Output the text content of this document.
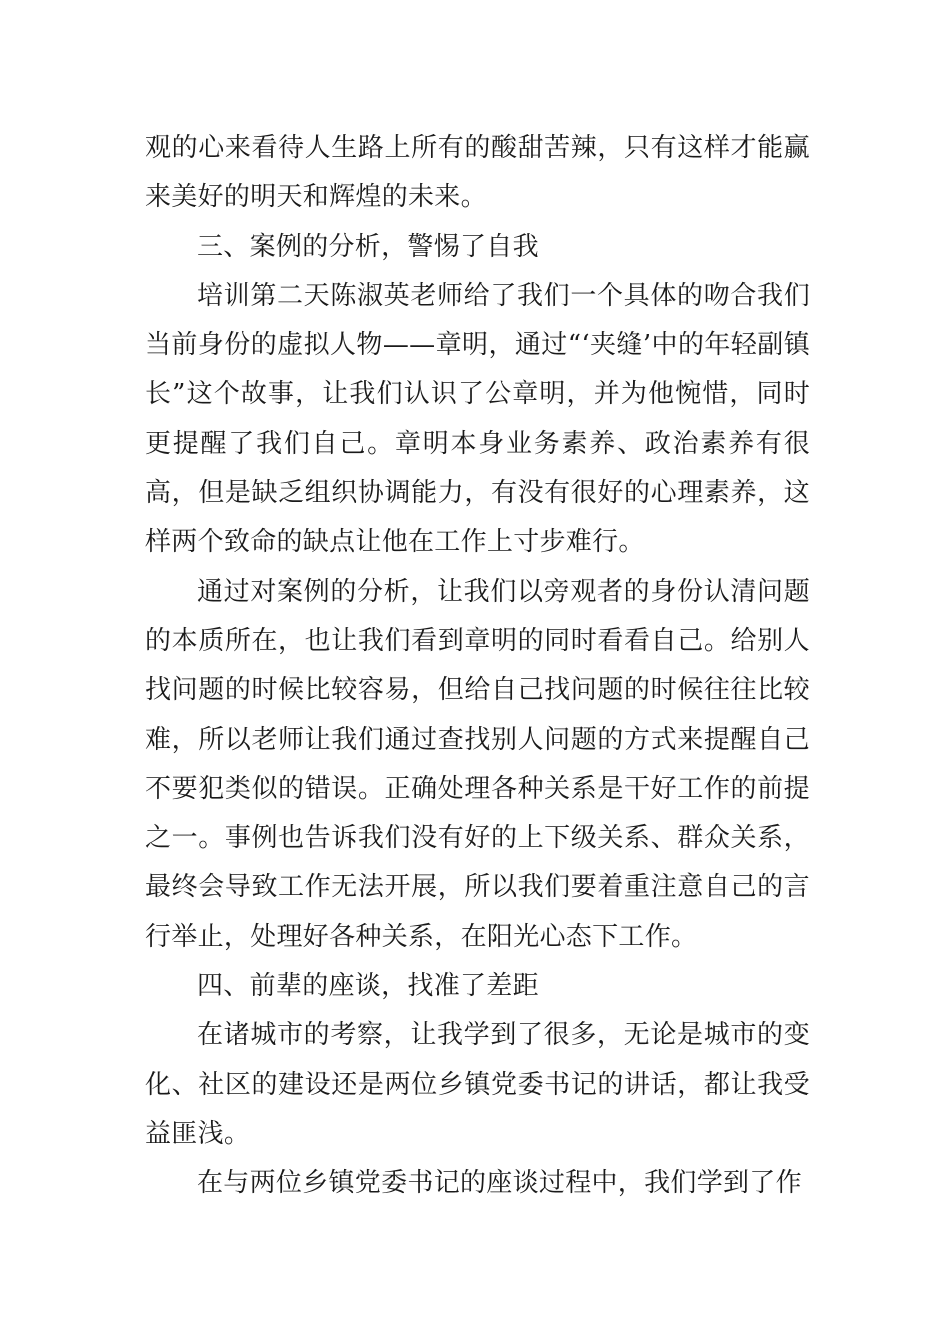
观的心来看待人生路上所有的酸甜苦辣，只有这样才能赢来美好的明天和辉煌的未来。

三、案例的分析，警惕了自我

培训第二天陈淑英老师给了我们一个具体的吻合我们当前身份的虚拟人物——章明，通过“‘夹缝’中的年轻副镇长”这个故事，让我们认识了公章明，并为他惋惜，同时更提醒了我们自己。章明本身业务素养、政治素养有很高，但是缺乏组织协调能力，有没有很好的心理素养，这样两个致命的缺点让他在工作上寸步难行。

通过对案例的分析，让我们以旁观者的身份认清问题的本质所在，也让我们看到章明的同时看看自己。给别人找问题的时候比较容易，但给自己找问题的时候往往比较难，所以老师让我们通过查找别人问题的方式来提醒自己不要犯类似的错误。正确处理各种关系是干好工作的前提之一。事例也告诉我们没有好的上下级关系、群众关系，最终会导致工作无法开展，所以我们要着重注意自己的言行举止，处理好各种关系，在阳光心态下工作。

四、前辈的座谈，找准了差距

在诸城市的考察，让我学到了很多，无论是城市的变化、社区的建设还是两位乡镇党委书记的讲话，都让我受益匪浅。

在与两位乡镇党委书记的座谈过程中，我们学到了作
